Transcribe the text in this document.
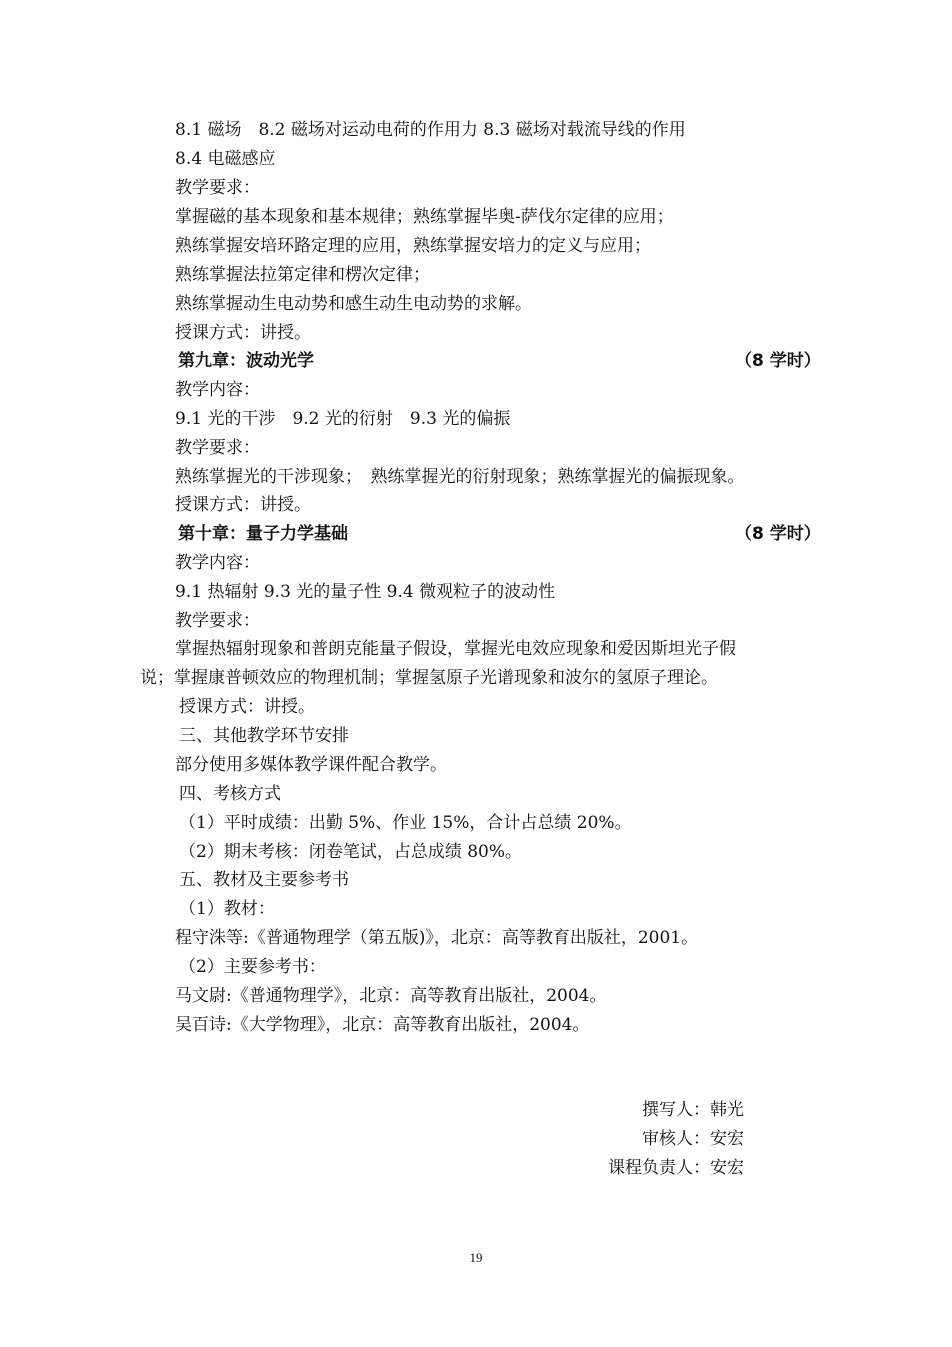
8.1 磁场　8.2 磁场对运动电荷的作用力 8.3 磁场对载流导线的作用
8.4 电磁感应
教学要求：
掌握磁的基本现象和基本规律；熟练掌握毕奥-萨伐尔定律的应用；
熟练掌握安培环路定理的应用，熟练掌握安培力的定义与应用；
熟练掌握法拉第定律和楞次定律；
熟练掌握动生电动势和感生动生电动势的求解。
授课方式：讲授。
第九章：波动光学	（8 学时）
教学内容：
9.1 光的干涉　9.2 光的衍射　9.3 光的偏振
教学要求：
熟练掌握光的干涉现象；　熟练掌握光的衍射现象；熟练掌握光的偏振现象。
授课方式：讲授。
第十章：量子力学基础	（8 学时）
教学内容：
9.1 热辐射 9.3 光的量子性 9.4 微观粒子的波动性
教学要求：
掌握热辐射现象和普朗克能量子假设，掌握光电效应现象和爱因斯坦光子假
说；掌握康普顿效应的物理机制；掌握氢原子光谱现象和波尔的氢原子理论。
授课方式：讲授。
三、其他教学环节安排
部分使用多媒体教学课件配合教学。
四、考核方式
（1）平时成绩：出勤 5%、作业 15%，合计占总绩 20%。
（2）期末考核：闭卷笔试，占总成绩 80%。
五、教材及主要参考书
（1）教材：
程守洙等:《普通物理学（第五版)》，北京：高等教育出版社，2001。
（2）主要参考书：
马文尉:《普通物理学》，北京：高等教育出版社，2004。
吴百诗:《大学物理》，北京：高等教育出版社，2004。
撰写人：韩光
审核人：安宏
课程负责人：安宏
19
